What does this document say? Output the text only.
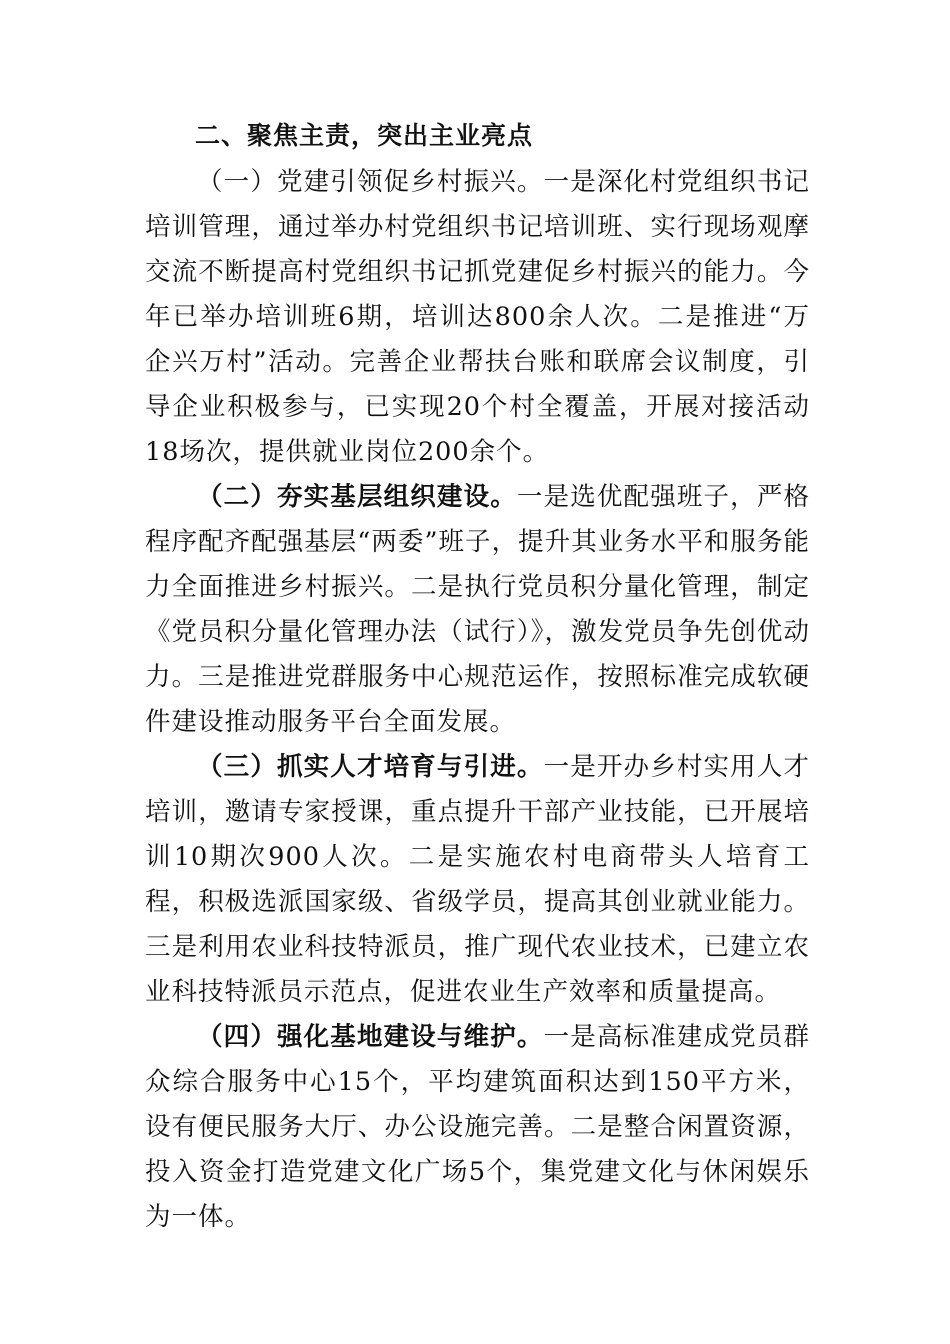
二、聚焦主责，突出主业亮点

（一）党建引领促乡村振兴。一是深化村党组织书记培训管理，通过举办村党组织书记培训班、实行现场观摩交流不断提高村党组织书记抓党建促乡村振兴的能力。今年已举办培训班6期，培训达800余人次。二是推进“万企兴万村”活动。完善企业帮扶台账和联席会议制度，引导企业积极参与，已实现20个村全覆盖，开展对接活动18场次，提供就业岗位200余个。

（二）夯实基层组织建设。一是选优配强班子，严格程序配齐配强基层“两委”班子，提升其业务水平和服务能力全面推进乡村振兴。二是执行党员积分量化管理，制定《党员积分量化管理办法（试行）》，激发党员争先创优动力。三是推进党群服务中心规范运作，按照标准完成软硬件建设推动服务平台全面发展。

（三）抓实人才培育与引进。一是开办乡村实用人才培训，邀请专家授课，重点提升干部产业技能，已开展培训10期次900人次。二是实施农村电商带头人培育工程，积极选派国家级、省级学员，提高其创业就业能力。三是利用农业科技特派员，推广现代农业技术，已建立农业科技特派员示范点，促进农业生产效率和质量提高。

（四）强化基地建设与维护。一是高标准建成党员群众综合服务中心15个，平均建筑面积达到150平方米，设有便民服务大厅、办公设施完善。二是整合闲置资源，投入资金打造党建文化广场5个，集党建文化与休闲娱乐为一体。
